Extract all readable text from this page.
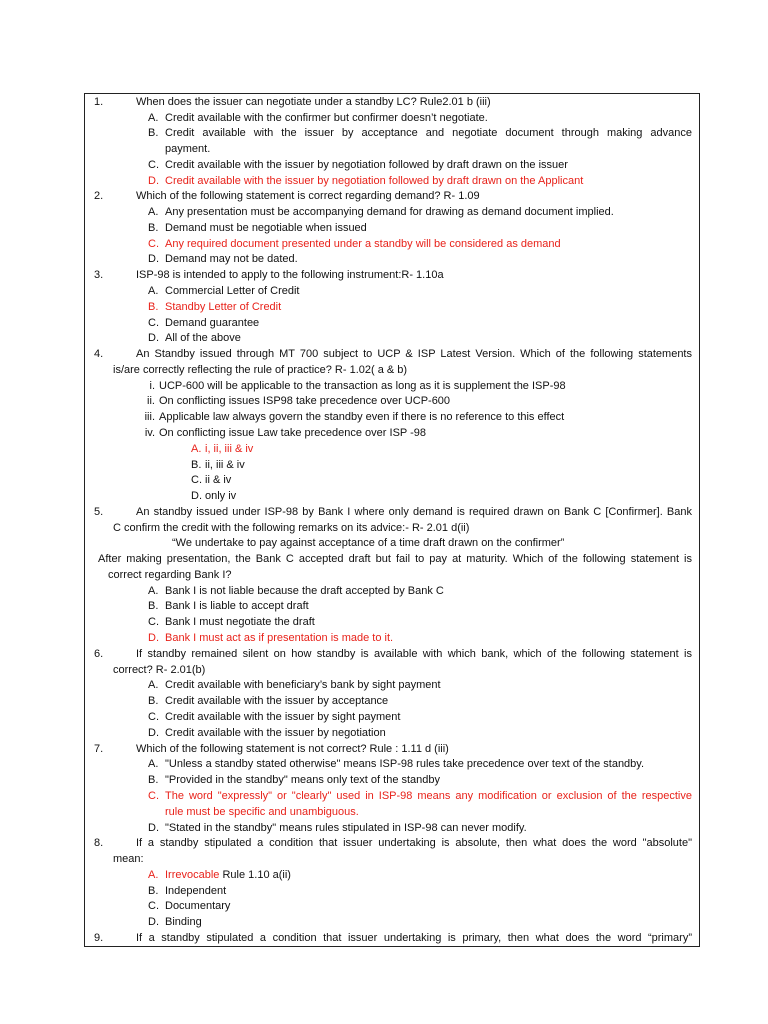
1.	When does the issuer can negotiate under a standby LC? Rule2.01 b (iii)
A. Credit available with the confirmer but confirmer doesn’t negotiate.
B. Credit available with the issuer by acceptance and negotiate document through making advance
payment.
C. Credit available with the issuer by negotiation followed by draft drawn on the issuer
D. Credit available with the issuer by negotiation followed by draft drawn on the Applicant
2.	Which of the following statement is correct regarding demand? R- 1.09
A. Any presentation must be accompanying demand for drawing as demand document implied.
B. Demand must be negotiable when issued
C. Any required document presented under a standby will be considered as demand
D. Demand may not be dated.
3.	ISP-98 is intended to apply to the following instrument:R- 1.10a
A. Commercial Letter of Credit
B. Standby Letter of Credit
C. Demand guarantee
D. All of the above
4.	An Standby issued through MT 700 subject to UCP & ISP Latest Version. Which of the following statements
is/are correctly reflecting the rule of practice? R- 1.02( a & b)
i. UCP-600 will be applicable to the transaction as long as it is supplement the ISP-98
ii. On conflicting issues ISP98 take precedence over UCP-600
iii. Applicable law always govern the standby even if there is no reference to this effect
iv. On conflicting issue Law take precedence over ISP -98
A. i, ii, iii & iv
B. ii, iii & iv
C. ii & iv
D. only iv
5.	An standby issued under ISP-98 by Bank I where only demand is required drawn on Bank C [Confirmer]. Bank
C confirm the credit with the following remarks on its advice:- R- 2.01 d(ii)
“We undertake to pay against acceptance of a time draft drawn on the confirmer”
After making presentation, the Bank C accepted draft but fail to pay at maturity. Which of the following statement is
correct regarding Bank I?
A. Bank I is not liable because the draft accepted by Bank C
B. Bank I is liable to accept draft
C. Bank I must negotiate the draft
D. Bank I must act as if presentation is made to it.
6.	If standby remained silent on how standby is available with which bank, which of the following statement is
correct? R- 2.01(b)
A. Credit available with beneficiary’s bank by sight payment
B. Credit available with the issuer by acceptance
C. Credit available with the issuer by sight payment
D. Credit available with the issuer by negotiation
7.	Which of the following statement is not correct? Rule : 1.11 d (iii)
A. "Unless a standby stated otherwise" means ISP-98 rules take precedence over text of the standby.
B. "Provided in the standby" means only text of the standby
C. The word "expressly" or "clearly" used in ISP-98 means any modification or exclusion of the respective
rule must be specific and unambiguous.
D. "Stated in the standby" means rules stipulated in ISP-98 can never modify.
8.	If a standby stipulated a condition that issuer undertaking is absolute, then what does the word "absolute"
mean:
A. Irrevocable Rule 1.10 a(ii)
B. Independent
C. Documentary
D. Binding
9.	If a standby stipulated a condition that issuer undertaking is primary, then what does the word “primary”
